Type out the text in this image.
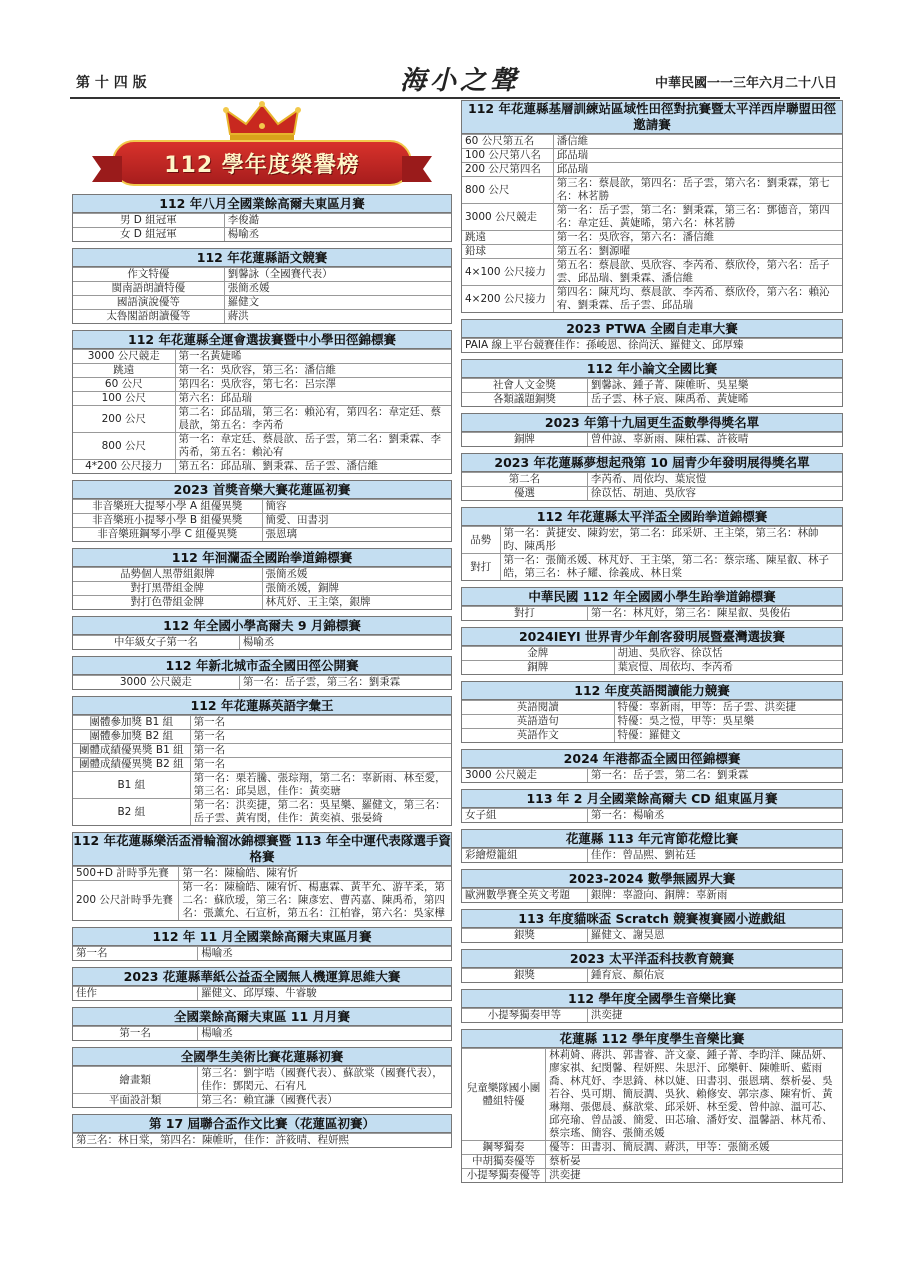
第 十 四 版	海小之聲	中華民國一一三年六月二十八日
112 學年度榮譽榜
112 年八月全國業餘高爾夫東區月賽
男 D 組冠軍	李俊澔
女 D 組冠軍	楊喻丞
112 年花蓮縣語文競賽
作文特優	劉馨詠（全國賽代表）
閩南語朗讀特優	張簡丞媛
國語演說優等	羅健文
太魯閣語朗讀優等	蔣洪
112 年花蓮縣全運會選拔賽暨中小學田徑錦標賽
3000 公尺競走	第一名黃婕晞
跳遠	第一名：吳欣容，第三名：潘信維
60 公尺	第四名：吳欣容，第七名：呂宗澤
100 公尺	第六名：邱品瑞
200 公尺	第二名：邱品瑞，第三名：賴沁宥，第四名：韋定廷、蔡晨歆，第五名：李芮希
800 公尺	第一名：韋定廷、蔡晨歆、岳子雲，第二名：劉秉霖、李芮希，第五名：賴沁宥
4*200 公尺接力	第五名：邱品瑞、劉秉霖、岳子雲、潘信維
2023 首獎音樂大賽花蓮區初賽
非音樂班大提琴小學 A 組優異獎	簡容
非音樂班小提琴小學 B 組優異獎	簡愛、田書羽
非音樂班鋼琴小學 C 組優異獎	張恩璃
112 年洄瀾盃全國跆拳道錦標賽
品勢個人黑帶組銀牌	張簡丞媛
對打黑帶組金牌	張簡丞媛，銅牌
對打色帶組金牌	林芃妤、王主棨，銀牌
112 年全國小學高爾夫 9 月錦標賽
中年級女子第一名	楊喻丞
112 年新北城市盃全國田徑公開賽
3000 公尺競走	第一名：岳子雲，第三名：劉秉霖
112 年花蓮縣英語字彙王
團體參加獎 B1 組	第一名
團體參加獎 B2 組	第一名
團體成績優異獎 B1 組	第一名
團體成績優異獎 B2 組	第一名
B1 組	第一名：栗若騰、張琮翔，第二名：辜新雨、林至愛，第三名：邱昊恩，佳作：黃奕瑭
B2 組	第一名：洪奕捷，第二名：吳星樂、羅健文，第三名：岳子雲、黃宥閔，佳作：黃奕禎、張晏綺
112 年花蓮縣樂活盃滑輪溜冰錦標賽暨 113 年全中運代表隊選手資格賽
500+D 計時爭先賽	第一名：陳榆皓、陳宥忻
200 公尺計時爭先賽	第一名：陳榆皓、陳宥忻、楊惠霖、黃芊允、游芊柔，第二名：蘇欣瑷，第三名：陳彥宏、曹芮嘉、陳禹希，第四名：張薰允、石宣析，第五名：江柏睿，第六名：吳家樺
112 年 11 月全國業餘高爾夫東區月賽
第一名	楊喻丞
2023 花蓮縣華紙公益盃全國無人機運算思維大賽
佳作	羅健文、邱厚臻、牛睿駿
全國業餘高爾夫東區 11 月月賽
第一名	楊喻丞
全國學生美術比賽花蓮縣初賽
繪畫類	第三名：劉宇晧（國賽代表）、蘇歆棠（國賽代表），佳作：鄧閎元、石宥凡
平面設計類	第三名：賴宜謙（國賽代表）
第 17 屆聯合盃作文比賽（花蓮區初賽）
第三名：林日棠，第四名：陳帷昕，佳作：許筱晴、程妍熙
112 年花蓮縣基層訓練站區域性田徑對抗賽暨太平洋西岸聯盟田徑邀請賽
60 公尺第五名	潘信維
100 公尺第八名	邱品瑞
200 公尺第四名	邱品瑞
800 公尺	第三名：蔡晨歆，第四名：岳子雲，第六名：劉秉霖，第七名：林茗勝
3000 公尺競走	第一名：岳子雲，第二名：劉秉霖，第三名：鄧德音，第四名：韋定廷、黃婕晞，第六名：林茗勝
跳遠	第一名：吳欣容，第六名：潘信維
鉛球	第五名：劉源曜
4×100 公尺接力	第五名：蔡晨歆、吳欣容、李芮希、蔡欣伶，第六名：岳子雲、邱品瑞、劉秉霖、潘信維
4×200 公尺接力	第四名：陳芃均、蔡晨歆、李芮希、蔡欣伶，第六名：賴沁宥、劉秉霖、岳子雲、邱品瑞
2023 PTWA 全國自走車大賽
PAIA 線上平台競賽佳作：孫峻恩、徐尚沃、羅健文、邱厚臻
112 年小論文全國比賽
社會人文金獎	劉馨詠、鍾子菁、陳帷昕、吳星樂
各類議題銅獎	岳子雲、林子宸、陳禹希、黃婕晞
2023 年第十九屆更生盃數學得獎名單
銅牌	曾仲諒、辜新雨、陳柏霖、許筱晴
2023 年花蓮縣夢想起飛第 10 屆青少年發明展得獎名單
第二名	李芮希、周依均、葉宸愷
優選	徐苡恬、胡迪、吳欣容
112 年花蓮縣太平洋盃全國跆拳道錦標賽
品勢	第一名：黃捷安、陳鈞宏，第二名：邱采妍、王主棨，第三名：林帥昀、陳禹彤
對打	第一名：張簡丞媛、林芃妤、王主棨，第二名：蔡宗瑤、陳星叡、林子皓，第三名：林子耀、徐義成、林日棠
中華民國 112 年全國國小學生跆拳道錦標賽
對打	第一名：林芃妤，第三名：陳星叡、吳俊佑
2024IEYI 世界青少年創客發明展暨臺灣選拔賽
金牌	胡迪、吳欣容、徐苡恬
銅牌	葉宸愷、周依均、李芮希
112 年度英語閱讀能力競賽
英語閱讀	特優：辜新雨，甲等：岳子雲、洪奕捷
英語造句	特優：吳之愷，甲等：吳星樂
英語作文	特優：羅健文
2024 年港都盃全國田徑錦標賽
3000 公尺競走	第一名：岳子雲，第二名：劉秉霖
113 年 2 月全國業餘高爾夫 CD 組東區月賽
女子組	第一名：楊喻丞
花蓮縣 113 年元宵節花燈比賽
彩繪燈籠組	佳作：曾品熙、劉祐廷
2023-2024 數學無國界大賽
歐洲數學賽全英文考題	銀牌：辜證向、銅牌：辜新雨
113 年度貓咪盃 Scratch 競賽複賽國小遊戲組
銀獎	羅健文、謝昊恩
2023 太平洋盃科技教育競賽
銀獎	鍾育宸、顏佑宸
112 學年度全國學生音樂比賽
小提琴獨奏甲等	洪奕捷
花蓮縣 112 學年度學生音樂比賽
兒童樂隊國小團體組特優	林莉婍、蔣洪、郭書睿、許文豪、鍾子菁、李昀洋、陳品妍、廖家祺、紀閔馨、程妍熙、朱思汗、邱樂軒、陳帷昕、藍雨喬、林芃妤、李思錡、林以婕、田書羽、張恩璃、蔡析晏、吳若谷、吳可期、簡辰澗、吳狄、賴修安、郭宗彥、陳宥忻、黃琳翔、張偲晨、蘇歆棠、邱采妍、林至愛、曾仲諒、溫可芯、邱亮瑜、曾品諼、簡愛、田芯瑜、潘妤安、溫馨語、林芃希、蔡宗瑤、簡容、張簡丞媛
鋼琴獨奏	優等：田書羽、簡辰澗、蔣洪，甲等：張簡丞媛
中胡獨奏優等	蔡析晏
小提琴獨奏優等	洪奕捷
